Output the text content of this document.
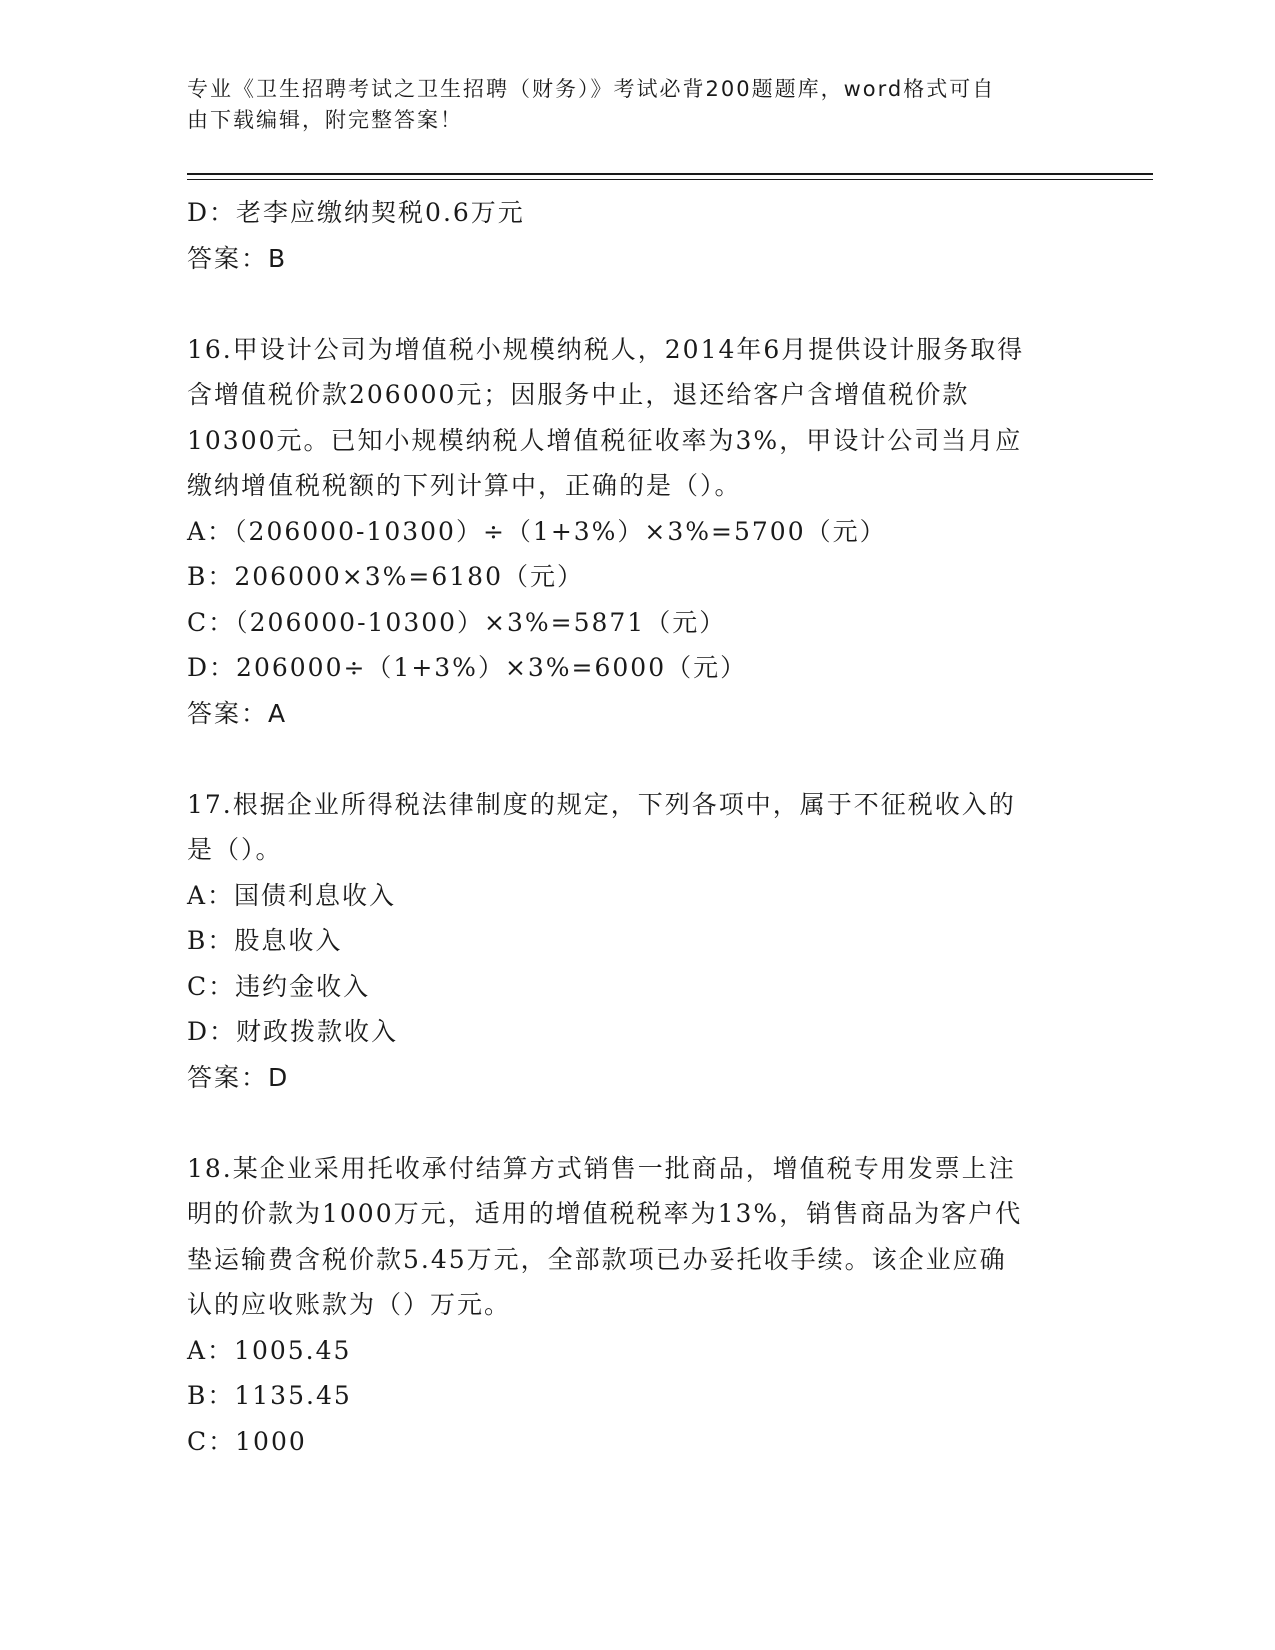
专业《卫生招聘考试之卫生招聘（财务）》考试必背200题题库，word格式可自
由下载编辑，附完整答案！
D：老李应缴纳契税0.6万元
答案：B
16.甲设计公司为增值税小规模纳税人，2014年6月提供设计服务取得
含增值税价款206000元；因服务中止，退还给客户含增值税价款
10300元。已知小规模纳税人增值税征收率为3%，甲设计公司当月应
缴纳增值税税额的下列计算中，正确的是（）。
A：（206000-10300）÷（1+3%）×3%=5700（元）
B：206000×3%=6180（元）
C：（206000-10300）×3%=5871（元）
D：206000÷（1+3%）×3%=6000（元）
答案：A
17.根据企业所得税法律制度的规定，下列各项中，属于不征税收入的
是（）。
A：国债利息收入
B：股息收入
C：违约金收入
D：财政拨款收入
答案：D
18.某企业采用托收承付结算方式销售一批商品，增值税专用发票上注
明的价款为1000万元，适用的增值税税率为13%，销售商品为客户代
垫运输费含税价款5.45万元，全部款项已办妥托收手续。该企业应确
认的应收账款为（）万元。
A：1005.45
B：1135.45
C：1000
